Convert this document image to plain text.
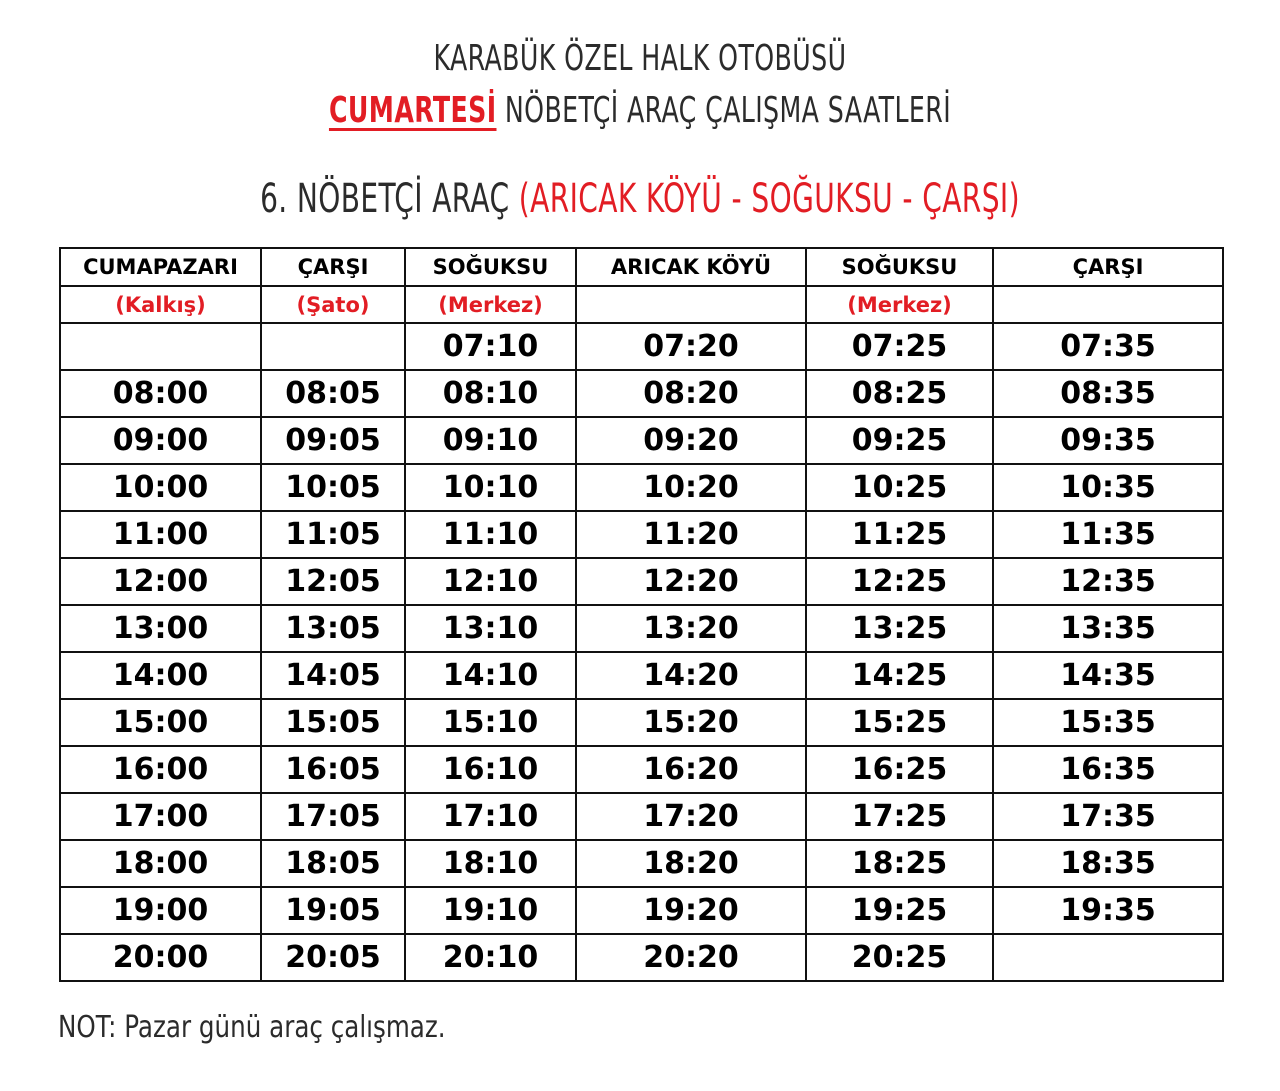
KARABÜK ÖZEL HALK OTOBÜSÜ
CUMARTESİ NÖBETÇİ ARAÇ ÇALIŞMA SAATLERİ
6. NÖBETÇİ ARAÇ (ARICAK KÖYÜ - SOĞUKSU - ÇARŞI)
CUMAPAZARI	ÇARŞI	SOĞUKSU	ARICAK KÖYÜ	SOĞUKSU	ÇARŞI
(Kalkış)	(Şato)	(Merkez)		(Merkez)	
		07:10	07:20	07:25	07:35
08:00	08:05	08:10	08:20	08:25	08:35
09:00	09:05	09:10	09:20	09:25	09:35
10:00	10:05	10:10	10:20	10:25	10:35
11:00	11:05	11:10	11:20	11:25	11:35
12:00	12:05	12:10	12:20	12:25	12:35
13:00	13:05	13:10	13:20	13:25	13:35
14:00	14:05	14:10	14:20	14:25	14:35
15:00	15:05	15:10	15:20	15:25	15:35
16:00	16:05	16:10	16:20	16:25	16:35
17:00	17:05	17:10	17:20	17:25	17:35
18:00	18:05	18:10	18:20	18:25	18:35
19:00	19:05	19:10	19:20	19:25	19:35
20:00	20:05	20:10	20:20	20:25	
NOT: Pazar günü araç çalışmaz.
